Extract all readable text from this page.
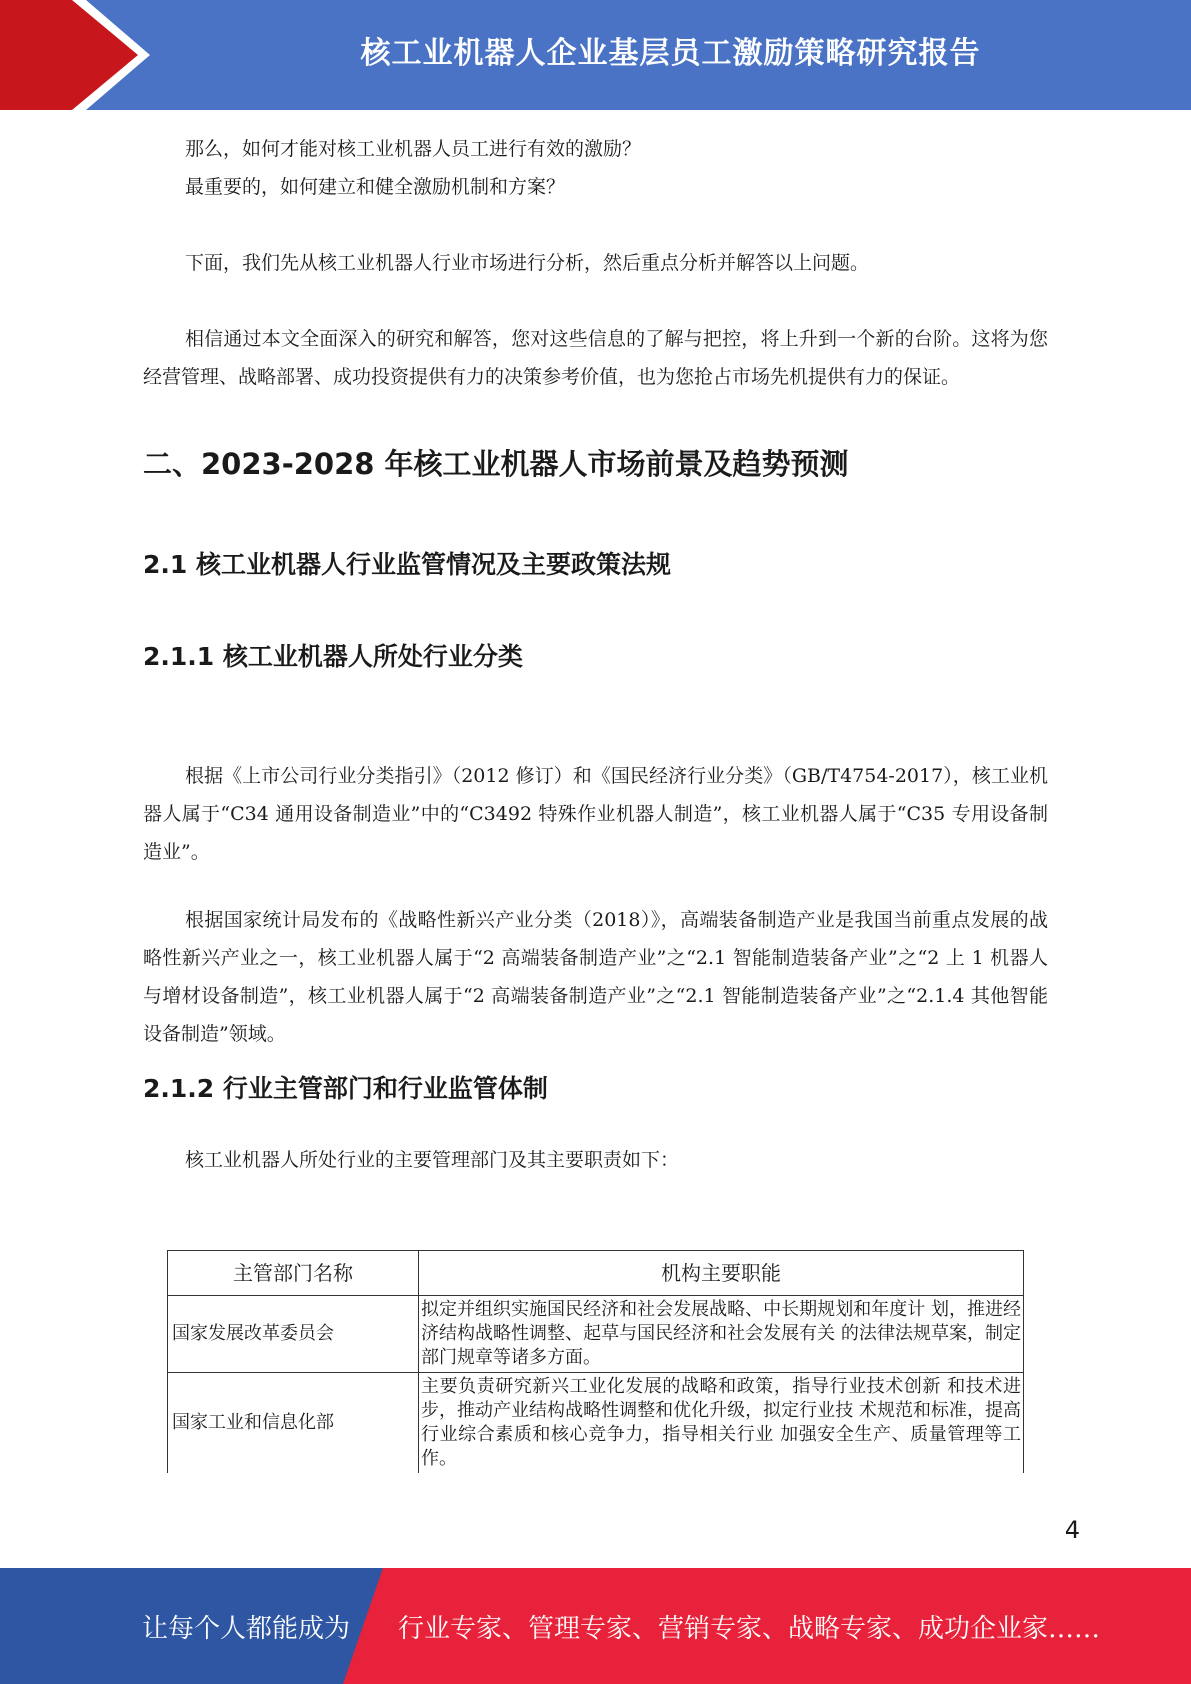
核工业机器人企业基层员工激励策略研究报告

那么，如何才能对核工业机器人员工进行有效的激励？

最重要的，如何建立和健全激励机制和方案？

下面，我们先从核工业机器人行业市场进行分析，然后重点分析并解答以上问题。

相信通过本文全面深入的研究和解答，您对这些信息的了解与把控，将上升到一个新的台阶。这将为您经营管理、战略部署、成功投资提供有力的决策参考价值，也为您抢占市场先机提供有力的保证。

二、2023-2028 年核工业机器人市场前景及趋势预测
2.1 核工业机器人行业监管情况及主要政策法规
2.1.1 核工业机器人所处行业分类

根据《上市公司行业分类指引》（2012 修订）和《国民经济行业分类》（GB/T4754-2017），核工业机器人属于“C34 通用设备制造业”中的“C3492 特殊作业机器人制造”，核工业机器人属于“C35 专用设备制造业”。

根据国家统计局发布的《战略性新兴产业分类（2018）》，高端装备制造产业是我国当前重点发展的战略性新兴产业之一，核工业机器人属于“2 高端装备制造产业”之“2.1 智能制造装备产业”之“2 上 1 机器人与增材设备制造”，核工业机器人属于“2 高端装备制造产业”之“2.1 智能制造装备产业”之“2.1.4 其他智能设备制造”领域。

2.1.2 行业主管部门和行业监管体制

核工业机器人所处行业的主要管理部门及其主要职责如下：

主管部门名称	机构主要职能
国家发展改革委员会	拟定并组织实施国民经济和社会发展战略、中长期规划和年度计 划，推进经济结构战略性调整、起草与国民经济和社会发展有关 的法律法规草案，制定部门规章等诸多方面。
国家工业和信息化部	主要负责研究新兴工业化发展的战略和政策，指导行业技术创新 和技术进步，推动产业结构战略性调整和优化升级，拟定行业技 术规范和标准，提高行业综合素质和核心竞争力，指导相关行业 加强安全生产、质量管理等工作。
4
让每个人都能成为 行业专家、管理专家、营销专家、战略专家、成功企业家……
